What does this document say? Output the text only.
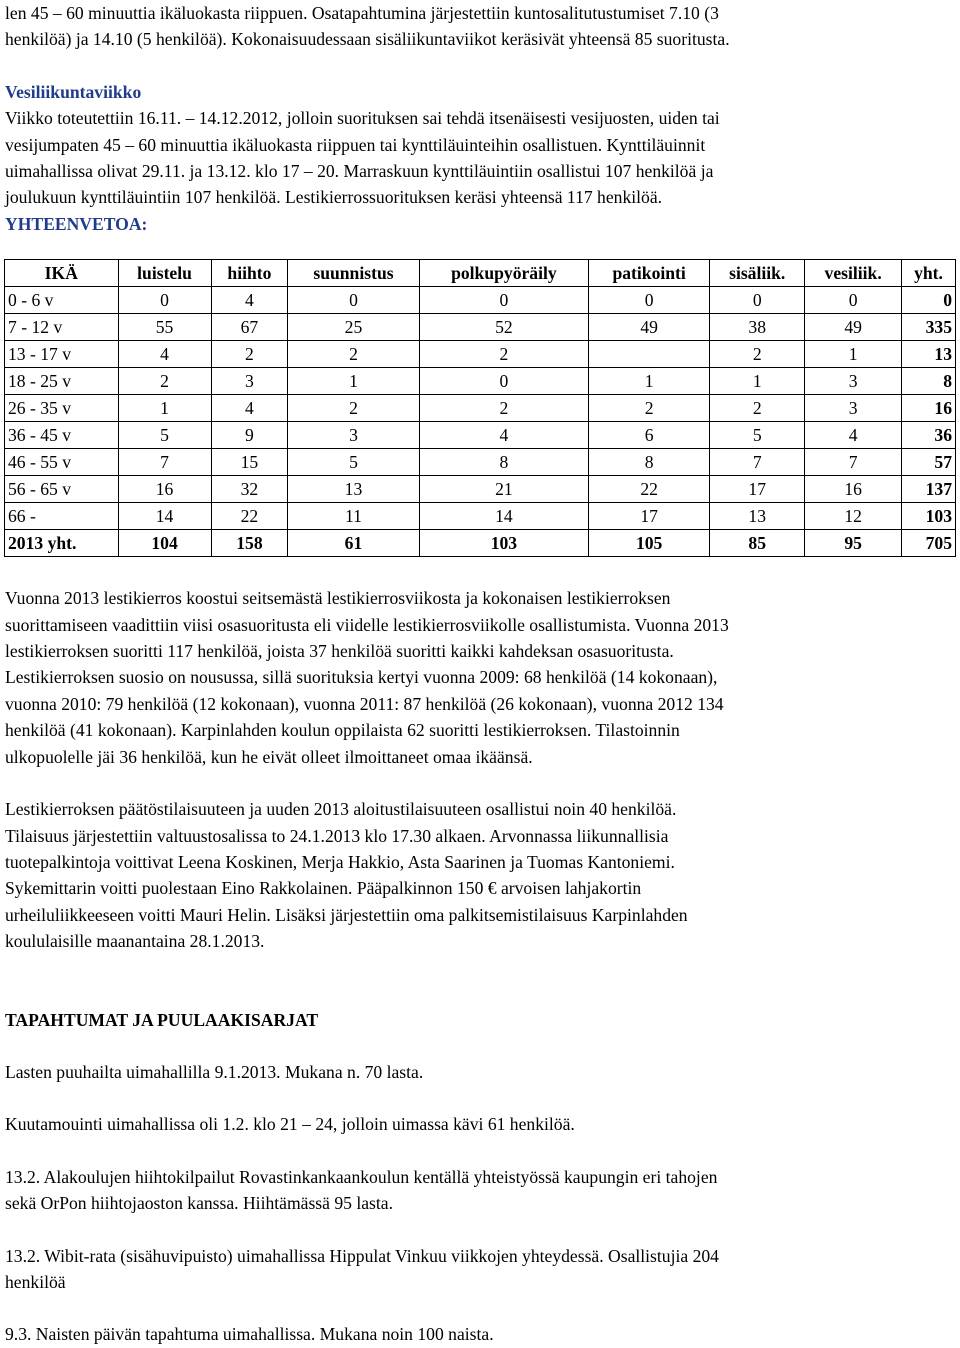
len 45 – 60 minuuttia ikäluokasta riippuen. Osatapahtumina järjestettiin kuntosalitutustumiset 7.10 (3

henkilöä) ja 14.10 (5 henkilöä). Kokonaisuudessaan sisäliikuntaviikot keräsivät yhteensä 85 suoritusta.

Vesiliikuntaviikko

Viikko toteutettiin 16.11. – 14.12.2012, jolloin suorituksen sai tehdä itsenäisesti vesijuosten, uiden tai

vesijumpaten 45 – 60 minuuttia ikäluokasta riippuen tai kynttiläuinteihin osallistuen. Kynttiläuinnit

uimahallissa olivat 29.11. ja 13.12. klo 17 – 20. Marraskuun kynttiläuintiin osallistui 107 henkilöä ja

joulukuun kynttiläuintiin 107 henkilöä. Lestikierrossuorituksen keräsi yhteensä 117 henkilöä.

YHTEENVETOA:

IKÄ	luistelu	hiihto	suunnistus	polkupyöräily	patikointi	sisäliik.	vesiliik.	yht.
0 - 6 v	0	4	0	0	0	0	0	0
7 - 12 v	55	67	25	52	49	38	49	335
13 - 17 v	4	2	2	2		2	1	13
18 - 25 v	2	3	1	0	1	1	3	8
26 - 35 v	1	4	2	2	2	2	3	16
36 - 45 v	5	9	3	4	6	5	4	36
46 - 55 v	7	15	5	8	8	7	7	57
56 - 65 v	16	32	13	21	22	17	16	137
66 -	14	22	11	14	17	13	12	103
2013 yht.	104	158	61	103	105	85	95	705

Vuonna 2013 lestikierros koostui seitsemästä lestikierrosviikosta ja kokonaisen lestikierroksen

suorittamiseen vaadittiin viisi osasuoritusta eli viidelle lestikierrosviikolle osallistumista. Vuonna 2013

lestikierroksen suoritti 117 henkilöä, joista 37 henkilöä suoritti kaikki kahdeksan osasuoritusta.

Lestikierroksen suosio on nousussa, sillä suorituksia kertyi vuonna 2009: 68 henkilöä (14 kokonaan),

vuonna 2010: 79 henkilöä (12 kokonaan), vuonna 2011: 87 henkilöä (26 kokonaan), vuonna 2012 134

henkilöä (41 kokonaan). Karpinlahden koulun oppilaista 62 suoritti lestikierroksen. Tilastoinnin

ulkopuolelle jäi 36 henkilöä, kun he eivät olleet ilmoittaneet omaa ikäänsä.

Lestikierroksen päätöstilaisuuteen ja uuden 2013 aloitustilaisuuteen osallistui noin 40 henkilöä.

Tilaisuus järjestettiin valtuustosalissa to 24.1.2013 klo 17.30 alkaen. Arvonnassa liikunnallisia

tuotepalkintoja voittivat Leena Koskinen, Merja Hakkio, Asta Saarinen ja Tuomas Kantoniemi.

Sykemittarin voitti puolestaan Eino Rakkolainen. Pääpalkinnon 150 € arvoisen lahjakortin

urheiluliikkeeseen voitti Mauri Helin. Lisäksi järjestettiin oma palkitsemistilaisuus Karpinlahden

koululaisille maanantaina 28.1.2013.

TAPAHTUMAT JA PUULAAKISARJAT

Lasten puuhailta uimahallilla 9.1.2013. Mukana n. 70 lasta.

Kuutamouinti uimahallissa oli 1.2. klo 21 – 24, jolloin uimassa kävi 61 henkilöä.

13.2. Alakoulujen hiihtokilpailut Rovastinkankaankoulun kentällä yhteistyössä kaupungin eri tahojen

sekä OrPon hiihtojaoston kanssa. Hiihtämässä 95 lasta.

13.2. Wibit-rata (sisähuvipuisto) uimahallissa Hippulat Vinkuu viikkojen yhteydessä. Osallistujia 204

henkilöä

9.3. Naisten päivän tapahtuma uimahallissa. Mukana noin 100 naista.
